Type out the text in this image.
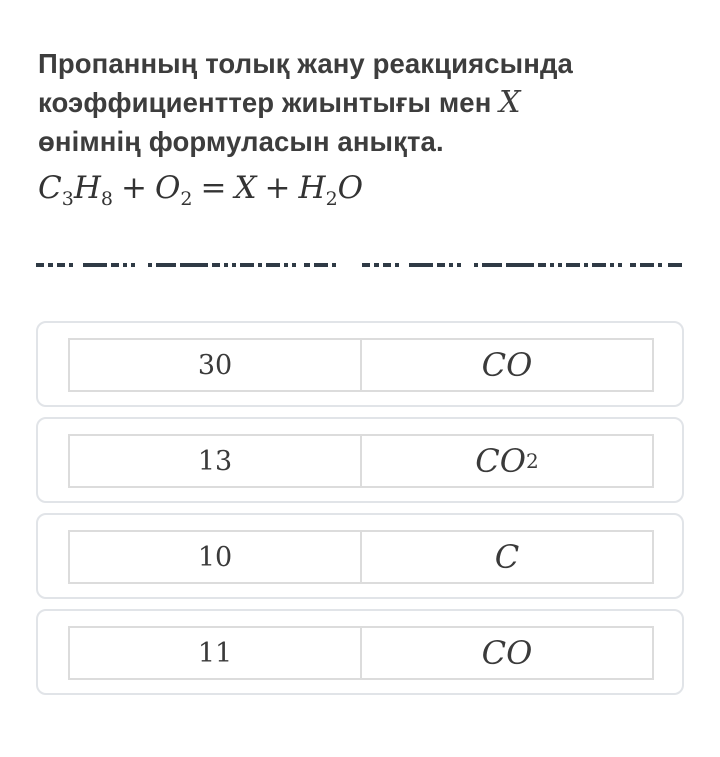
Пропанның толық жану реакциясында
коэффициенттер жиынтығы мен X
өнімнің формуласын анықта.
$C_3H_8 + O_2 = X + H_2O$
30	CO
13	CO 2
10	C
11	CO
